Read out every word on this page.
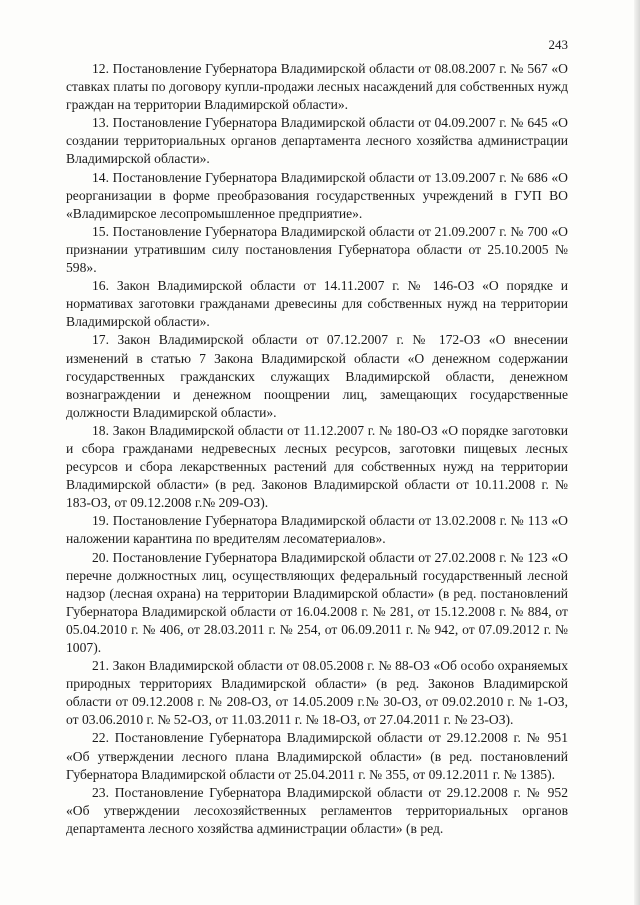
243

12. Постановление Губернатора Владимирской области от 08.08.2007 г. № 567 «О ставках платы по договору купли-продажи лесных насаждений для собственных нужд граждан на территории Владимирской области».

13. Постановление Губернатора Владимирской области от 04.09.2007 г. № 645 «О создании территориальных органов департамента лесного хозяйства администрации Владимирской области».

14. Постановление Губернатора Владимирской области от 13.09.2007 г. № 686 «О реорганизации в форме преобразования государственных учреждений в ГУП ВО «Владимирское лесопромышленное предприятие».

15. Постановление Губернатора Владимирской области от 21.09.2007 г. № 700 «О признании утратившим силу постановления Губернатора области от 25.10.2005 № 598».

16. Закон Владимирской области от 14.11.2007 г. № 146-ОЗ «О порядке и нормативах заготовки гражданами древесины для собственных нужд на территории Владимирской области».

17. Закон Владимирской области от 07.12.2007 г. № 172-ОЗ «О внесении изменений в статью 7 Закона Владимирской области «О денежном содержании государственных гражданских служащих Владимирской области, денежном вознаграждении и денежном поощрении лиц, замещающих государственные должности Владимирской области».

18. Закон Владимирской области от 11.12.2007 г. № 180-ОЗ «О порядке заготовки и сбора гражданами недревесных лесных ресурсов, заготовки пищевых лесных ресурсов и сбора лекарственных растений для собственных нужд на территории Владимирской области» (в ред. Законов Владимирской области от 10.11.2008 г. № 183-ОЗ, от 09.12.2008 г.№ 209-ОЗ).

19. Постановление Губернатора Владимирской области от 13.02.2008 г. № 113 «О наложении карантина по вредителям лесоматериалов».

20. Постановление Губернатора Владимирской области от 27.02.2008 г. № 123 «О перечне должностных лиц, осуществляющих федеральный государственный лесной надзор (лесная охрана) на территории Владимирской области» (в ред. постановлений Губернатора Владимирской области от 16.04.2008 г. № 281, от 15.12.2008 г. № 884, от 05.04.2010 г. № 406, от 28.03.2011 г. № 254, от 06.09.2011 г. № 942, от 07.09.2012 г. № 1007).

21. Закон Владимирской области от 08.05.2008 г. № 88-ОЗ «Об особо охраняемых природных территориях Владимирской области» (в ред. Законов Владимирской области от 09.12.2008 г. № 208-ОЗ, от 14.05.2009 г.№ 30-ОЗ, от 09.02.2010 г. № 1-ОЗ, от 03.06.2010 г. № 52-ОЗ, от 11.03.2011 г. № 18-ОЗ, от 27.04.2011 г. № 23-ОЗ).

22. Постановление Губернатора Владимирской области от 29.12.2008 г. № 951 «Об утверждении лесного плана Владимирской области» (в ред. постановлений Губернатора Владимирской области от 25.04.2011 г. № 355, от 09.12.2011 г. № 1385).

23. Постановление Губернатора Владимирской области от 29.12.2008 г. № 952 «Об утверждении лесохозяйственных регламентов территориальных органов департамента лесного хозяйства администрации области» (в ред.
